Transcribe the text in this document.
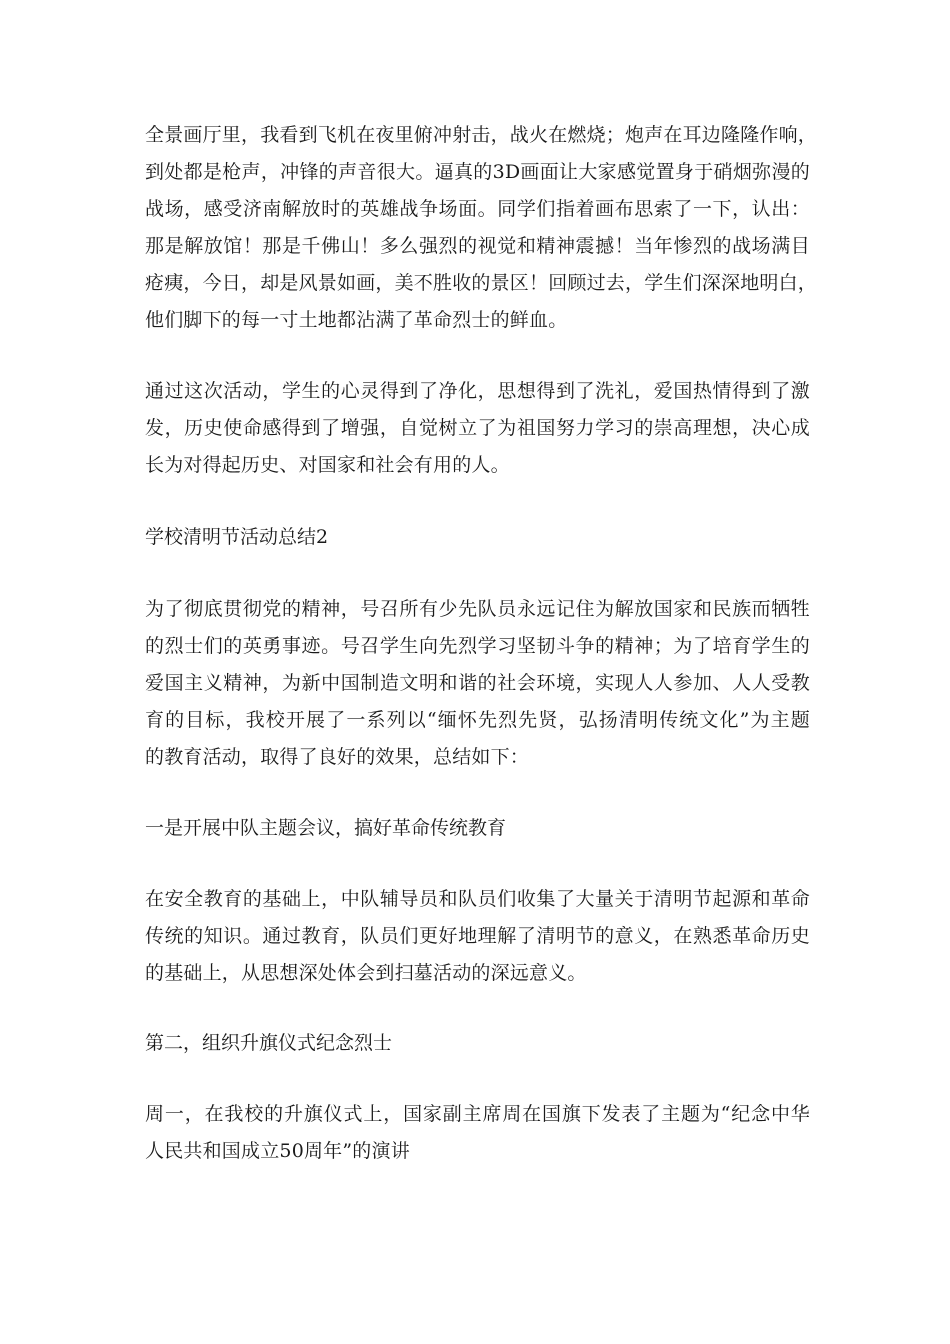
全景画厅里，我看到飞机在夜里俯冲射击，战火在燃烧；炮声在耳边隆隆作响，
到处都是枪声，冲锋的声音很大。逼真的3D画面让大家感觉置身于硝烟弥漫的
战场，感受济南解放时的英雄战争场面。同学们指着画布思索了一下，认出：
那是解放馆！那是千佛山！多么强烈的视觉和精神震撼！当年惨烈的战场满目
疮痍，今日，却是风景如画，美不胜收的景区！回顾过去，学生们深深地明白，
他们脚下的每一寸土地都沾满了革命烈士的鲜血。
通过这次活动，学生的心灵得到了净化，思想得到了洗礼，爱国热情得到了激
发，历史使命感得到了增强，自觉树立了为祖国努力学习的崇高理想，决心成
长为对得起历史、对国家和社会有用的人。
学校清明节活动总结2
为了彻底贯彻党的精神，号召所有少先队员永远记住为解放国家和民族而牺牲
的烈士们的英勇事迹。号召学生向先烈学习坚韧斗争的精神；为了培育学生的
爱国主义精神，为新中国制造文明和谐的社会环境，实现人人参加、人人受教
育的目标，我校开展了一系列以“缅怀先烈先贤，弘扬清明传统文化”为主题
的教育活动，取得了良好的效果，总结如下：
一是开展中队主题会议，搞好革命传统教育
在安全教育的基础上，中队辅导员和队员们收集了大量关于清明节起源和革命
传统的知识。通过教育，队员们更好地理解了清明节的意义，在熟悉革命历史
的基础上，从思想深处体会到扫墓活动的深远意义。
第二，组织升旗仪式纪念烈士
周一，在我校的升旗仪式上，国家副主席周在国旗下发表了主题为“纪念中华
人民共和国成立50周年”的演讲
